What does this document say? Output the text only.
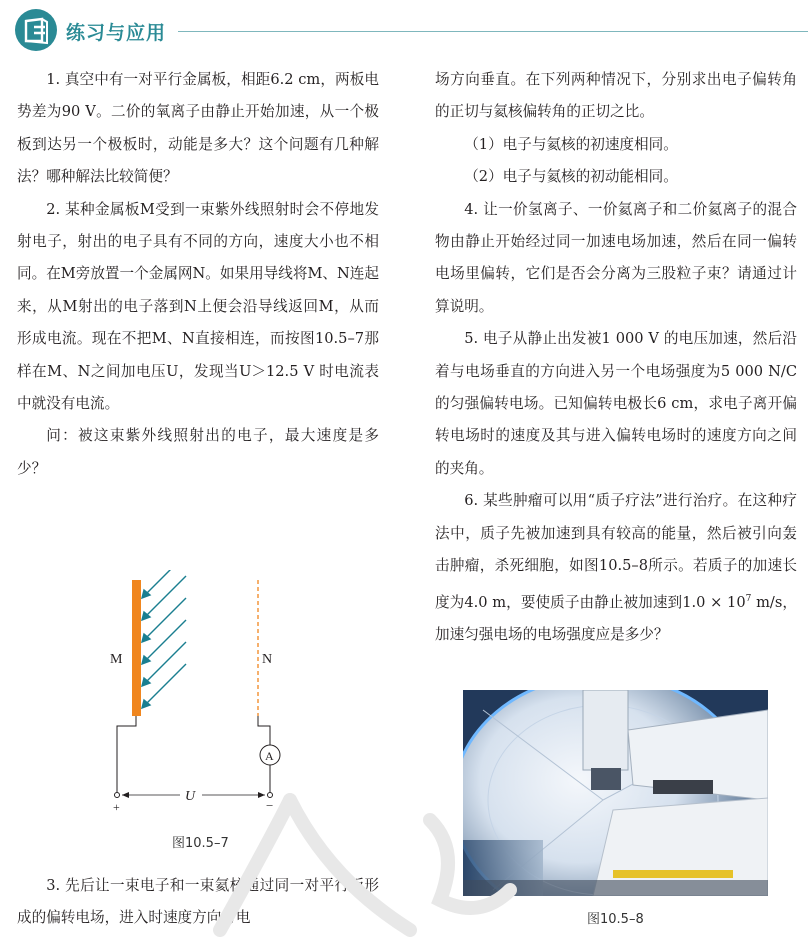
练习与应用

1. 真空中有一对平行金属板，相距6.2 cm，两板电势差为90 V。二价的氧离子由静止开始加速，从一个极板到达另一个极板时，动能是多大？这个问题有几种解法？哪种解法比较简便？

2. 某种金属板M受到一束紫外线照射时会不停地发射电子，射出的电子具有不同的方向，速度大小也不相同。在M旁放置一个金属网N。如果用导线将M、N连起来，从M射出的电子落到N上便会沿导线返回M，从而形成电流。现在不把M、N直接相连，而按图10.5–7那样在M、N之间加电压U，发现当U＞12.5 V 时电流表中就没有电流。

问：被这束紫外线照射出的电子，最大速度是多少？

M	N
A
U
+	−
图10.5–7

3. 先后让一束电子和一束氦核通过同一对平行板形成的偏转电场，进入时速度方向与电

场方向垂直。在下列两种情况下，分别求出电子偏转角的正切与氦核偏转角的正切之比。

（1）电子与氦核的初速度相同。

（2）电子与氦核的初动能相同。

4. 让一价氢离子、一价氦离子和二价氦离子的混合物由静止开始经过同一加速电场加速，然后在同一偏转电场里偏转，它们是否会分离为三股粒子束？请通过计算说明。

5. 电子从静止出发被1 000 V 的电压加速，然后沿着与电场垂直的方向进入另一个电场强度为5 000 N/C 的匀强偏转电场。已知偏转电极长6 cm，求电子离开偏转电场时的速度及其与进入偏转电场时的速度方向之间的夹角。

6. 某些肿瘤可以用“质子疗法”进行治疗。在这种疗法中，质子先被加速到具有较高的能量，然后被引向轰击肿瘤，杀死细胞，如图10.5–8所示。若质子的加速长度为4.0 m，要使质子由静止被加速到$1.0 \times 10^7$ m/s，加速匀强电场的电场强度应是多少？

图10.5–8
